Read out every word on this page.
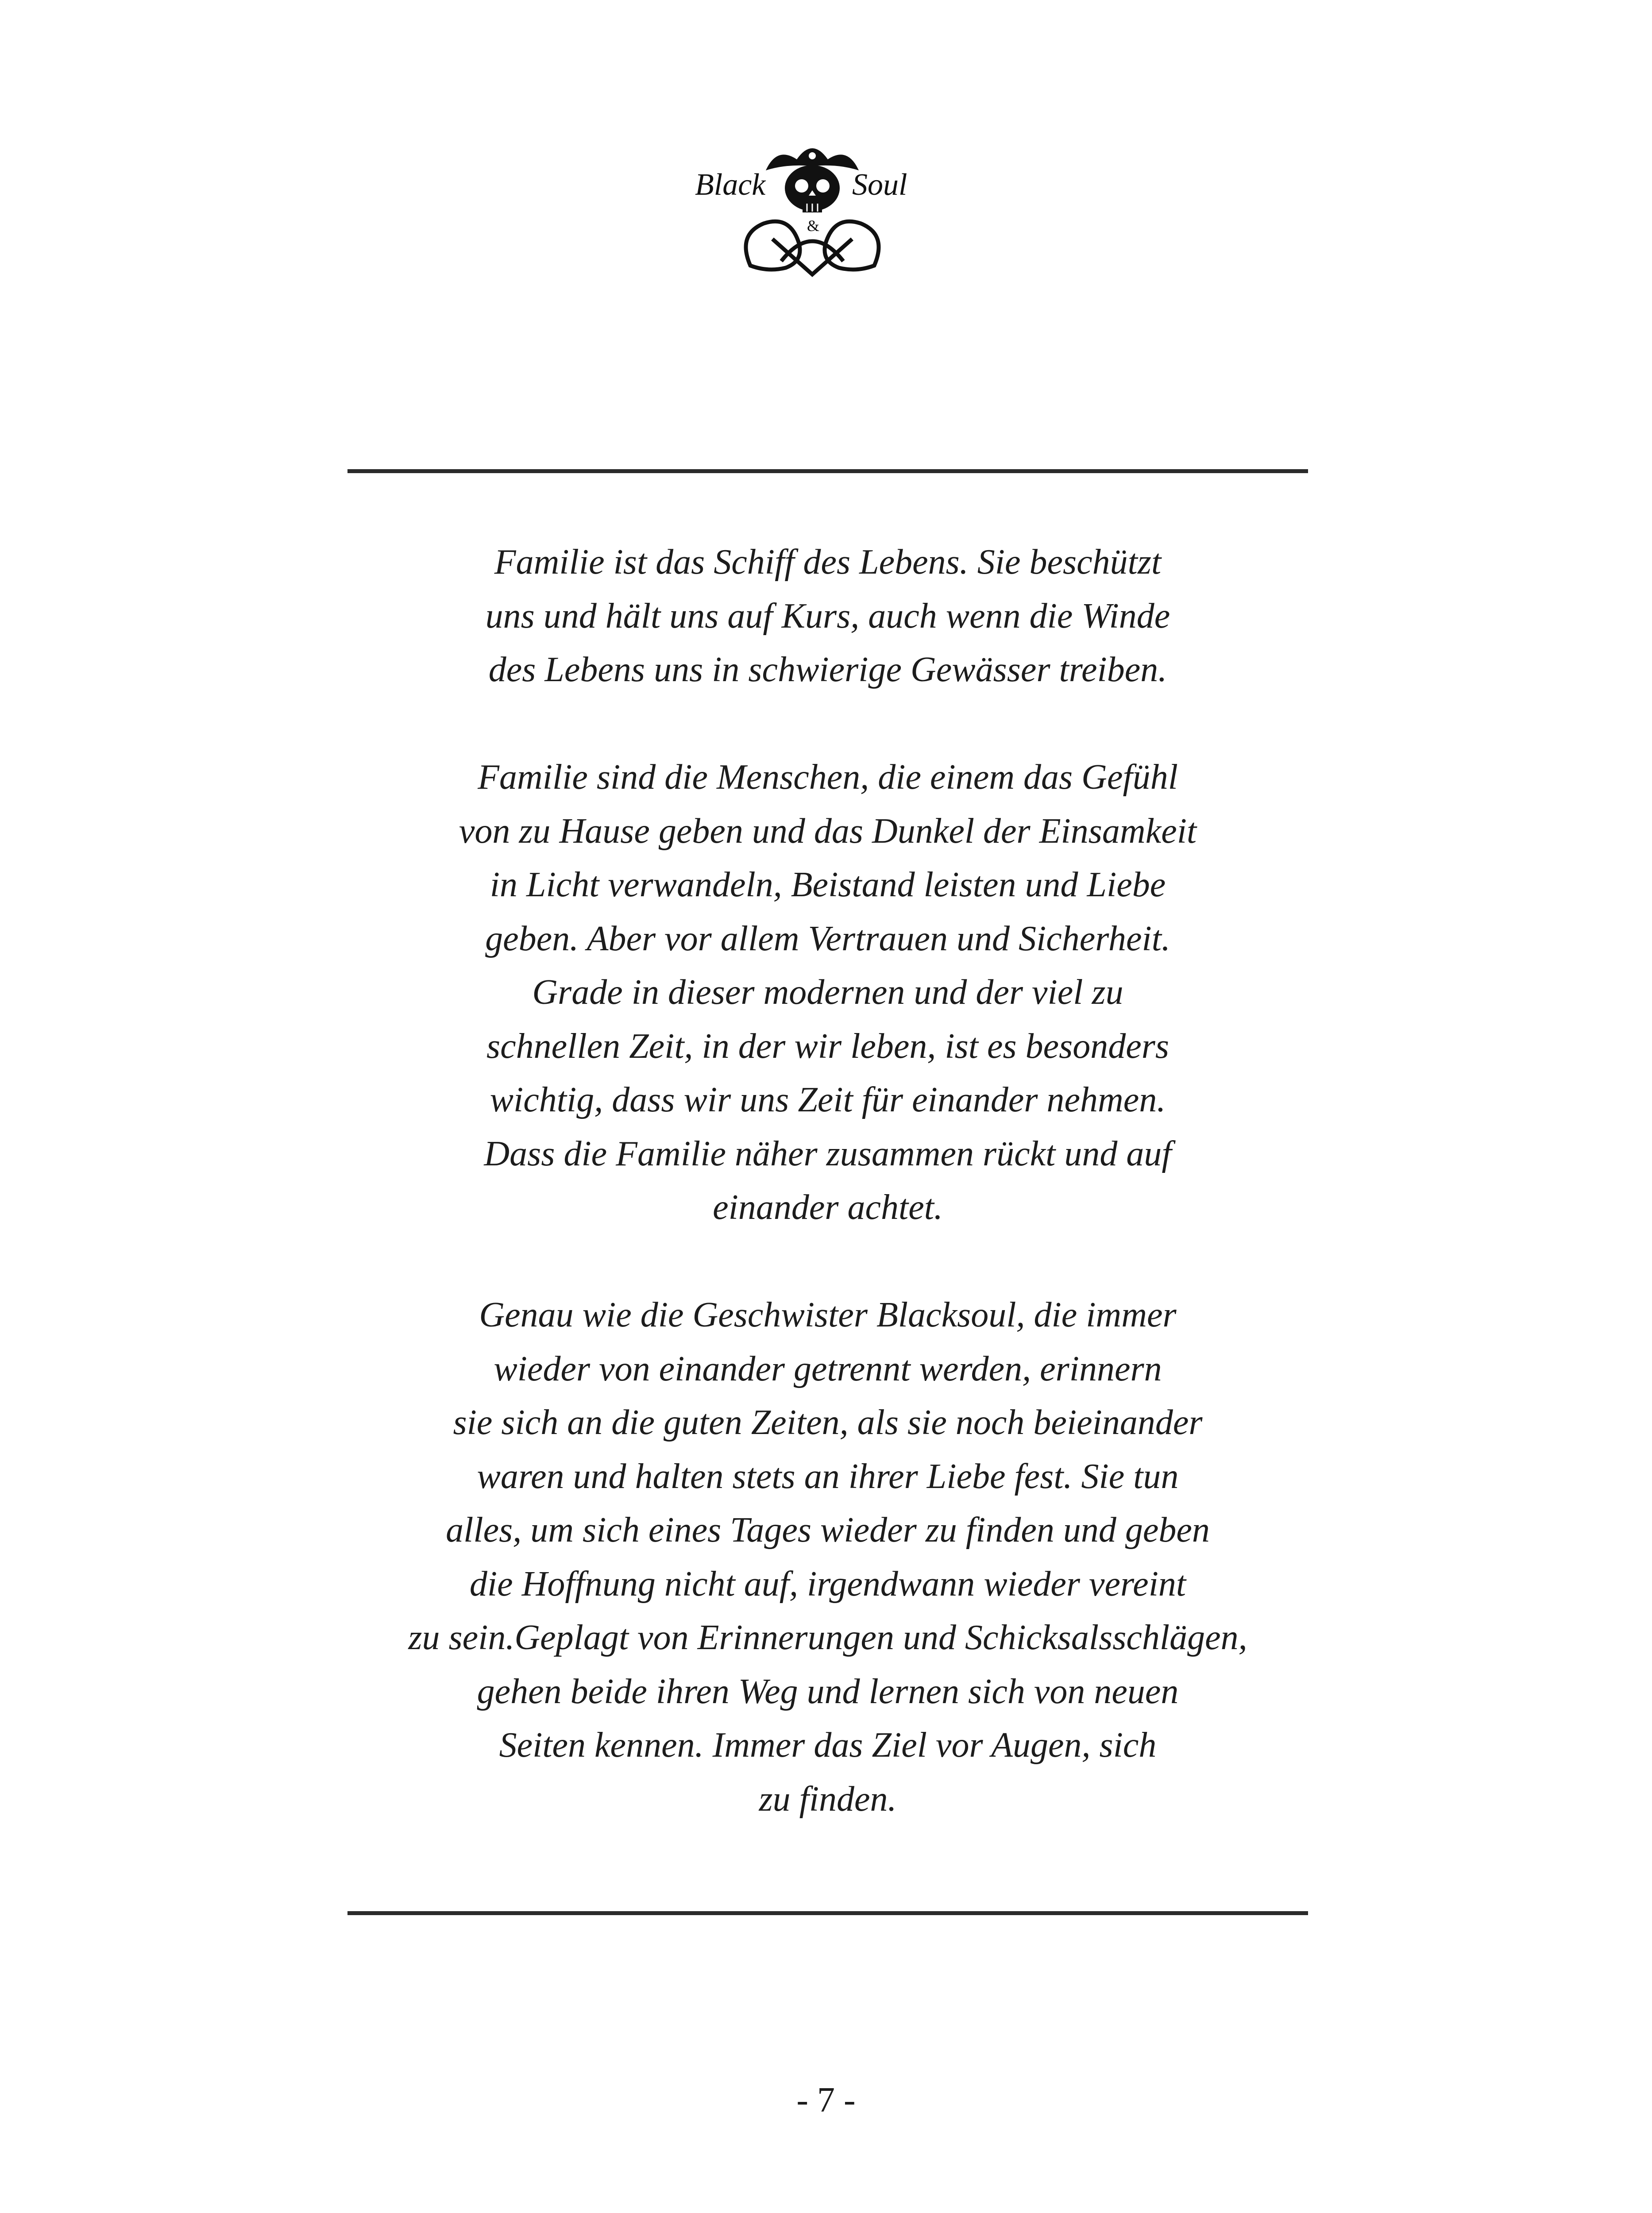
Black	Soul
&
Familie ist das Schiff des Lebens. Sie beschützt
uns und hält uns auf Kurs, auch wenn die Winde
des Lebens uns in schwierige Gewässer treiben.
Familie sind die Menschen, die einem das Gefühl
von zu Hause geben und das Dunkel der Einsamkeit
in Licht verwandeln, Beistand leisten und Liebe
geben. Aber vor allem Vertrauen und Sicherheit.
Grade in dieser modernen und der viel zu
schnellen Zeit, in der wir leben, ist es besonders
wichtig, dass wir uns Zeit für einander nehmen.
Dass die Familie näher zusammen rückt und auf
einander achtet.
Genau wie die Geschwister Blacksoul, die immer
wieder von einander getrennt werden, erinnern
sie sich an die guten Zeiten, als sie noch beieinander
waren und halten stets an ihrer Liebe fest. Sie tun
alles, um sich eines Tages wieder zu finden und geben
die Hoffnung nicht auf, irgendwann wieder vereint
zu sein.Geplagt von Erinnerungen und Schicksalsschlägen,
gehen beide ihren Weg und lernen sich von neuen
Seiten kennen. Immer das Ziel vor Augen, sich
zu finden.
- 7 -
